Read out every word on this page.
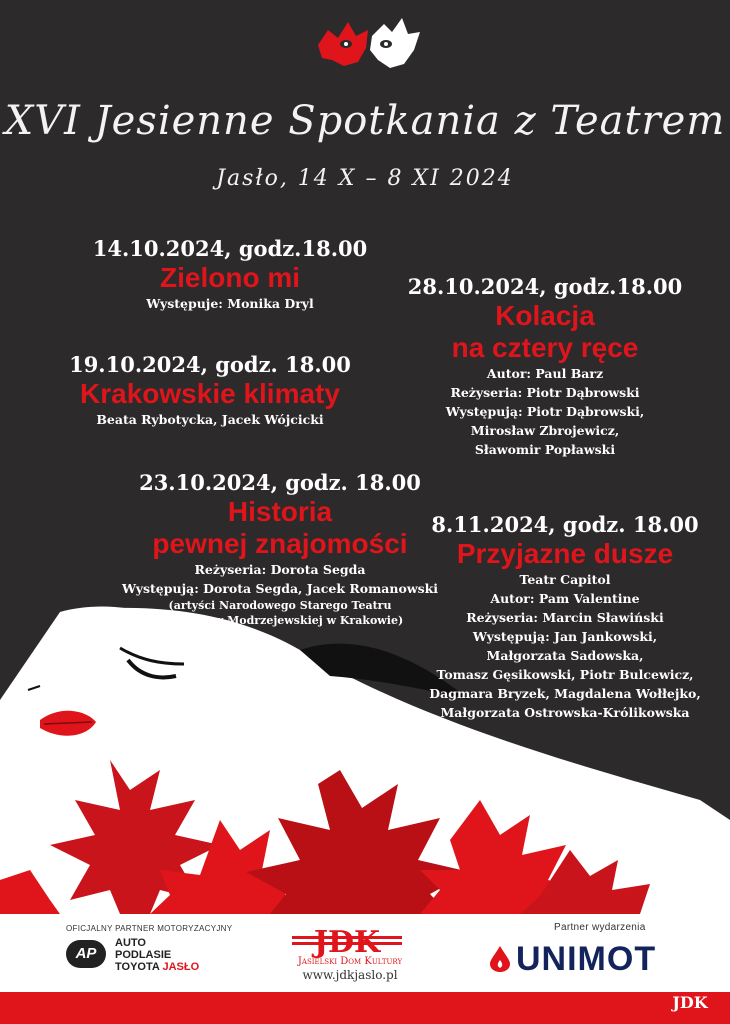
XVI Jesienne Spotkania z Teatrem
Jasło, 14 X – 8 XI 2024
14.10.2024, godz.18.00
Zielono mi
Występuje: Monika Dryl
19.10.2024, godz. 18.00
Krakowskie klimaty
Beata Rybotycka, Jacek Wójcicki
23.10.2024, godz. 18.00
Historia
pewnej znajomości
Reżyseria: Dorota Segda
Występują: Dorota Segda, Jacek Romanowski
(artyści Narodowego Starego Teatru
im. Heleny Modrzejewskiej w Krakowie)
28.10.2024, godz.18.00
Kolacja
na cztery ręce
Autor: Paul Barz
Reżyseria: Piotr Dąbrowski
Występują: Piotr Dąbrowski,
Mirosław Zbrojewicz,
Sławomir Popławski
8.11.2024, godz. 18.00
Przyjazne dusze
Teatr Capitol
Autor: Pam Valentine
Reżyseria: Marcin Sławiński
Występują: Jan Jankowski,
Małgorzata Sadowska,
Tomasz Gęsikowski, Piotr Bulcewicz,
Dagmara Bryzek, Magdalena Wołłejko,
Małgorzata Ostrowska-Królikowska
OFICJALNY PARTNER MOTORYZACYJNY
AP
AUTO
PODLASIE
TOYOTA JASŁO
JDK
Jasielski Dom Kultury
www.jdkjaslo.pl
Partner wydarzenia
UNIMOT
JDK
